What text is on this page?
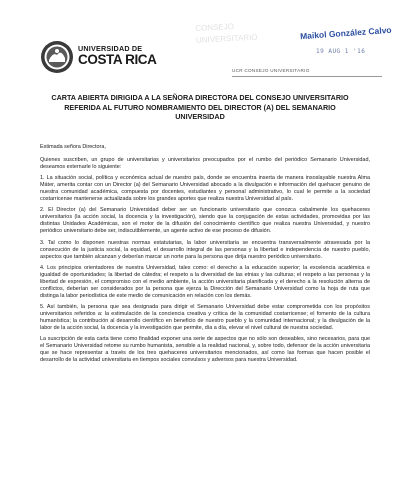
UNIVERSIDAD DE
COSTA RICA
CONSEJO
UNIVERSITARIO	Maikol González Calvo
19 AUG 1 '16
UCR CONSEJO UNIVERSITARIO
CARTA ABIERTA DIRIGIDA A LA SEÑORA DIRECTORA DEL CONSEJO UNIVERSITARIO REFERIDA AL FUTURO NOMBRAMIENTO DEL DIRECTOR (A) DEL SEMANARIO UNIVERSIDAD

Estimada señora Directora,

Quienes suscriben, un grupo de universitarias y universitarios preocupados por el rumbo del periódico Semanario Universidad, deseamos externarle lo siguiente:

1. La situación social, política y económica actual de nuestro país, donde se encuentra inserta de manera insoslayable nuestra Alma Máter, amerita contar con un Director (a) del Semanario Universidad abocado a la divulgación e información del quehacer genuino de nuestra comunidad académica, compuesta por docentes, estudiantes y personal administrativo, lo cual le permite a la sociedad costarricense mantenerse actualizada sobre los grandes aportes que realiza nuestra Universidad al país.

2. El Director (a) del Semanario Universidad deber ser un funcionario universitario que conozca cabalmente los quehaceres universitarios (la acción social, la docencia y la investigación), siendo que la conjugación de estas actividades, promovidas por las distintas Unidades Académicas, son el motor de la difusión del conocimiento científico que realiza nuestra Universidad, y nuestro periódico universitario debe ser, indiscutiblemente, un agente activo de ese proceso de difusión.

3. Tal como lo disponen nuestras normas estatutarias, la labor universitaria se encuentra transversalmente atravesada por la consecución de la justicia social, la equidad, el desarrollo integral de las personas y la libertad e independencia de nuestro pueblo, aspectos que también alcanzan y deberían marcar un norte para la persona que dirija nuestro periódico universitario.

4. Los principios orientadores de nuestra Universidad, tales como: el derecho a la educación superior; la excelencia académica e igualdad de oportunidades; la libertad de cátedra; el respeto a la diversidad de las etnias y las culturas; el respeto a las personas y la libertad de expresión, el compromiso con el medio ambiente, la acción universitaria planificada y el derecho a la resolución alterna de conflictos, deberían ser considerados por la persona que ejerza la Dirección del Semanario Universidad como la hoja de ruta que distinga la labor periodística de este medio de comunicación en relación con los demás.

5. Así también, la persona que sea designada para dirigir el Semanario Universidad debe estar comprometida con los propósitos universitarios referidos a: la estimulación de la conciencia creativa y crítica de la comunidad costarricense; el fomento de la cultura humanística; la contribución al desarrollo científico en beneficio de nuestro pueblo y la comunidad internacional; y la divulgación de la labor de la acción social, la docencia y la investigación que permite, día a día, elevar el nivel cultural de nuestra sociedad.

La suscripción de esta carta tiene como finalidad exponer una serie de aspectos que no sólo son deseables, sino necesarios, para que el Semanario Universidad retome su rumbo humanista, sensible a la realidad nacional, y, sobre todo, defensor de la acción universitaria que se hace representar a través de los tres quehaceres universitarios mencionados, así como las formas que hacen posible el desarrollo de la actividad universitaria en tiempos sociales convulsos y adversos para nuestra Universidad.
